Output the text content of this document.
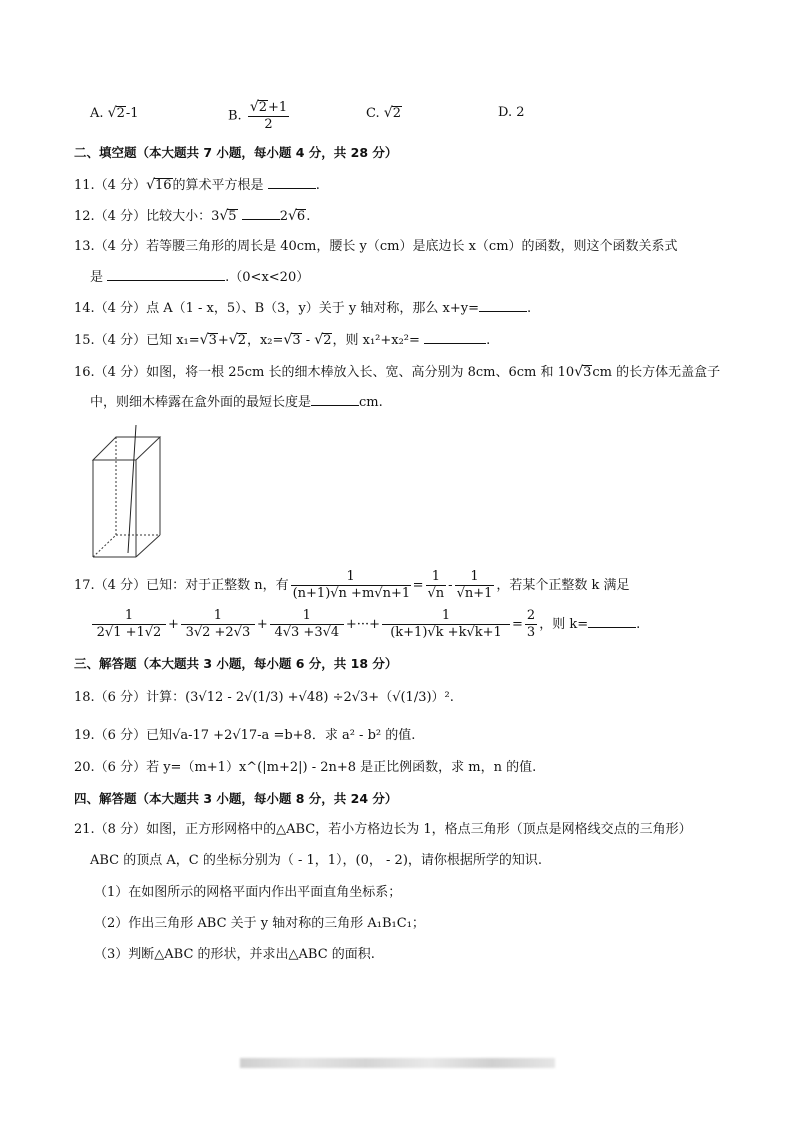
A. √2-1	B. $\frac{√2+1}{2}$	C. √2	D. 2
二、填空题（本大题共 7 小题，每小题 4 分，共 28 分）
11.（4 分）√16的算术平方根是	.
12.（4 分）比较大小：3√5	2√6.
13.（4 分）若等腰三角形的周长是 40cm，腰长 y（cm）是底边长 x（cm）的函数，则这个函数关系式
是	.（0<x<20）
14.（4 分）点 A（1 - x，5）、B（3，y）关于 y 轴对称，那么 x+y=	.
15.（4 分）已知 x₁=√3+√2，x₂=√3 - √2，则 x₁²+x₂²=	.
16.（4 分）如图，将一根 25cm 长的细木棒放入长、宽、高分别为 8cm、6cm 和 10√3cm 的长方体无盖盒子
中，则细木棒露在盒外面的最短长度是	cm.
17.（4 分）已知：对于正整数 n，有 $\frac{1}{(n+1)√n +m√n+1} = \frac{1}{√n} - \frac{1}{√n+1}$ ，若某个正整数 k 满足
$\frac{1}{2√1 +1√2} + \frac{1}{3√2 +2√3} + \frac{1}{4√3 +3√4}$ +···+ $\frac{1}{(k+1)√k +k√k+1} = \frac{2}{3}$ ，则 k=	.
三、解答题（本大题共 3 小题，每小题 6 分，共 18 分）
18.（6 分）计算：(3√12 - 2√(1/3) +√48) ÷2√3+（√(1/3)）².
19.（6 分）已知√a-17 +2√17-a =b+8．求 a² - b² 的值.
20.（6 分）若 y=（m+1）x^(|m+2|) - 2n+8 是正比例函数，求 m，n 的值.
四、解答题（本大题共 3 小题，每小题 8 分，共 24 分）
21.（8 分）如图，正方形网格中的△ABC，若小方格边长为 1，格点三角形（顶点是网格线交点的三角形）
ABC 的顶点 A，C 的坐标分别为（ - 1，1），(0， - 2)，请你根据所学的知识.
（1）在如图所示的网格平面内作出平面直角坐标系；
（2）作出三角形 ABC 关于 y 轴对称的三角形 A₁B₁C₁；
（3）判断△ABC 的形状，并求出△ABC 的面积.
